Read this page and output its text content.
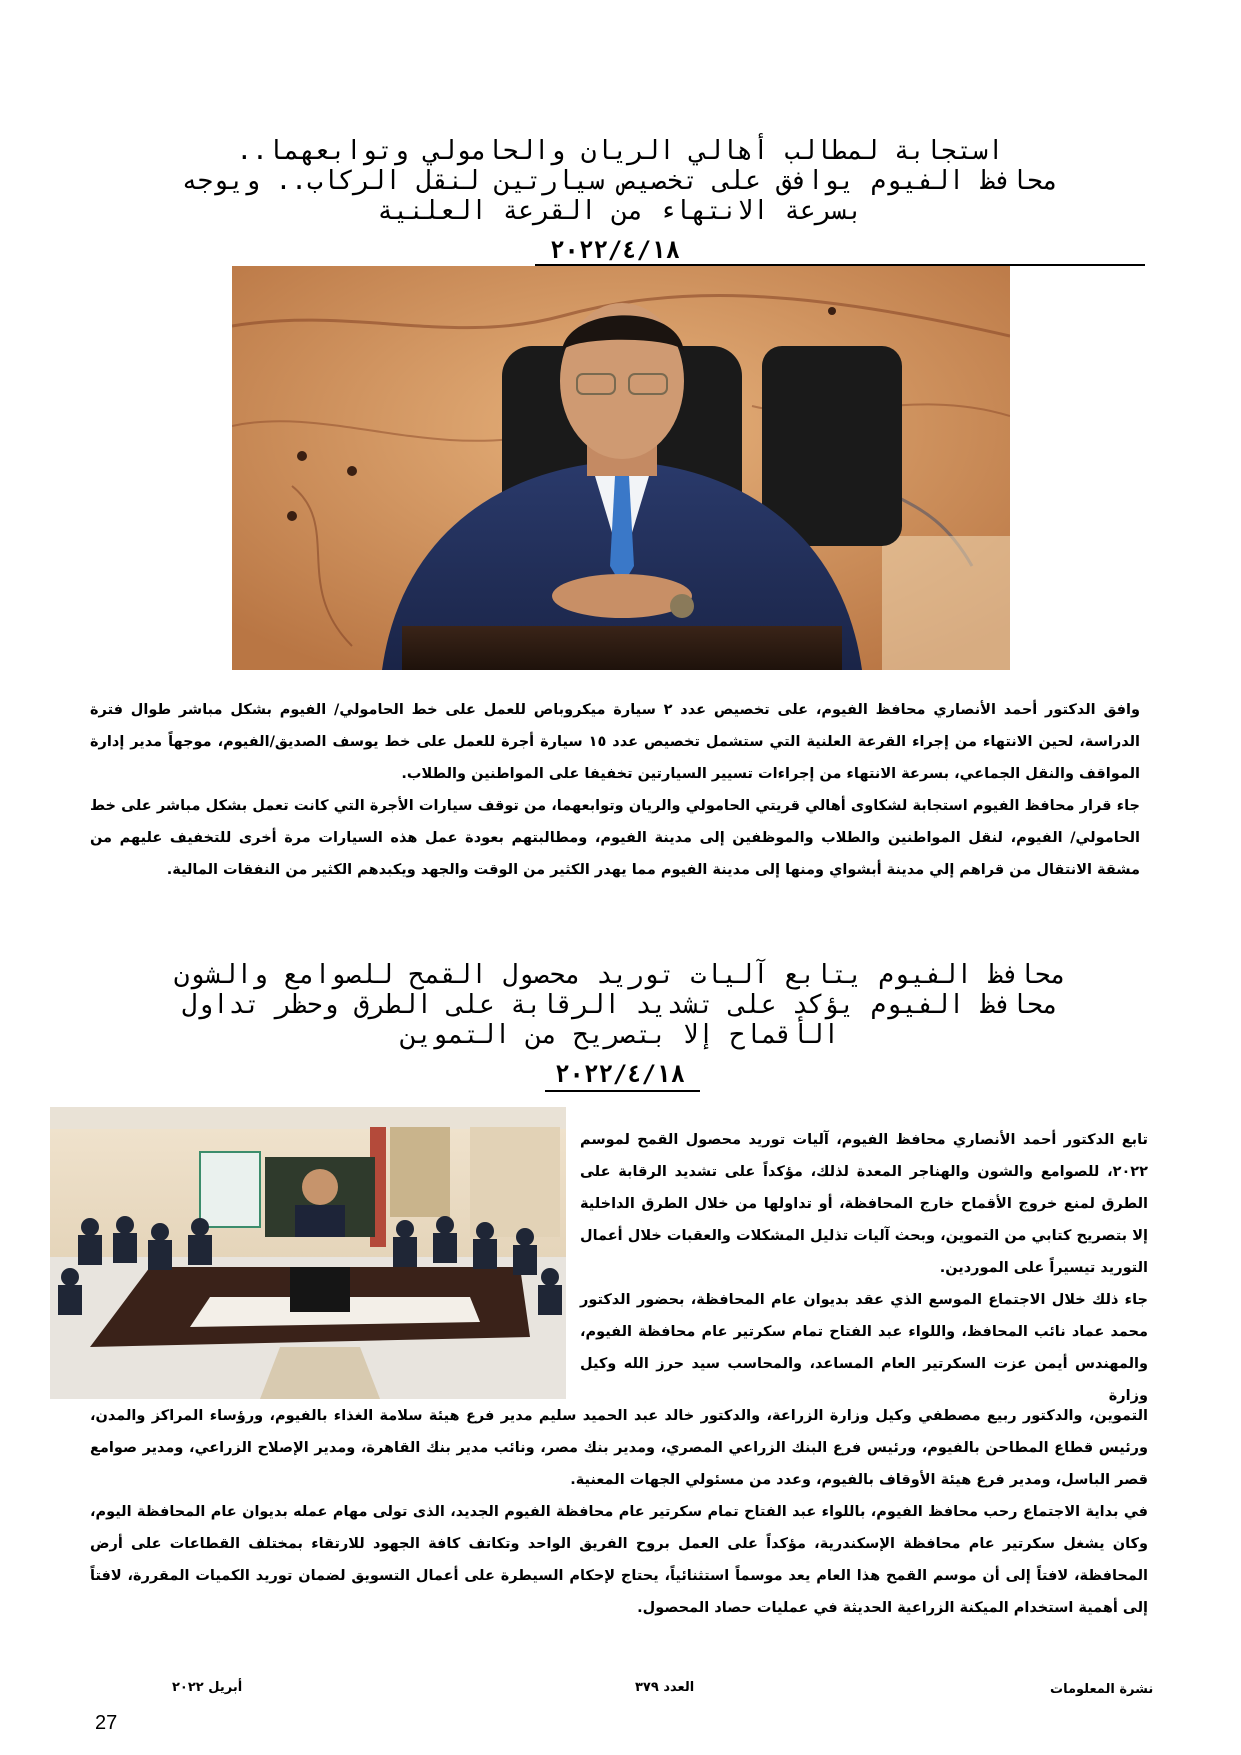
استجابة لمطالب أهالي الريان والحامولي وتوابعهما..
محافظ الفيوم يوافق على تخصيص سيارتين لنقل الركاب.. ويوجه
بسرعة الانتهاء من القرعة العلنية
٢٠٢٢/٤/١٨

وافق الدكتور أحمد الأنصاري محافظ الفيوم، على تخصيص عدد ٢ سيارة ميكروباص للعمل على خط الحامولي/ الفيوم بشكل مباشر طوال فترة الدراسة، لحين الانتهاء من إجراء القرعة العلنية التي ستشمل تخصيص عدد ١٥ سيارة أجرة للعمل على خط يوسف الصديق/الفيوم، موجهاً مدير إدارة المواقف والنقل الجماعي، بسرعة الانتهاء من إجراءات تسيير السيارتين تخفيفا على المواطنين والطلاب.

جاء قرار محافظ الفيوم استجابة لشكاوى أهالي قريتي الحامولي والريان وتوابعهما، من توقف سيارات الأجرة التي كانت تعمل بشكل مباشر على خط الحامولي/ الفيوم، لنقل المواطنين والطلاب والموظفين إلى مدينة الفيوم، ومطالبتهم بعودة عمل هذه السيارات مرة أخرى للتخفيف عليهم من مشقة الانتقال من قراهم إلي مدينة أبشواي ومنها إلى مدينة الفيوم مما يهدر الكثير من الوقت والجهد ويكبدهم الكثير من النفقات المالية.

محافظ الفيوم يتابع آليات توريد محصول القمح للصوامع والشون
محافظ الفيوم يؤكد على تشديد الرقابة على الطرق وحظر تداول
الأقماح إلا بتصريح من التموين
٢٠٢٢/٤/١٨

تابع الدكتور أحمد الأنصاري محافظ الفيوم، آليات توريد محصول القمح لموسم ٢٠٢٢، للصوامع والشون والهناجر المعدة لذلك، مؤكداً على تشديد الرقابة على الطرق لمنع خروج الأقماح خارج المحافظة، أو تداولها من خلال الطرق الداخلية إلا بتصريح كتابي من التموين، وبحث آليات تذليل المشكلات والعقبات خلال أعمال التوريد تيسيراً على الموردين.

جاء ذلك خلال الاجتماع الموسع الذي عقد بديوان عام المحافظة، بحضور الدكتور محمد عماد نائب المحافظ، واللواء عبد الفتاح تمام سكرتير عام محافظة الفيوم، والمهندس أيمن عزت السكرتير العام المساعد، والمحاسب سيد حرز الله وكيل وزارة

التموين، والدكتور ربيع مصطفي وكيل وزارة الزراعة، والدكتور خالد عبد الحميد سليم مدير فرع هيئة سلامة الغذاء بالفيوم، ورؤساء المراكز والمدن، ورئيس قطاع المطاحن بالفيوم، ورئيس فرع البنك الزراعي المصري، ومدير بنك مصر، ونائب مدير بنك القاهرة، ومدير الإصلاح الزراعي، ومدير صوامع قصر الباسل، ومدير فرع هيئة الأوقاف بالفيوم، وعدد من مسئولي الجهات المعنية.

في بداية الاجتماع رحب محافظ الفيوم، باللواء عبد الفتاح تمام سكرتير عام محافظة الفيوم الجديد، الذى تولى مهام عمله بديوان عام المحافظة اليوم، وكان يشغل سكرتير عام محافظة الإسكندرية، مؤكداً على العمل بروح الفريق الواحد وتكاتف كافة الجهود للارتقاء بمختلف القطاعات على أرض المحافظة، لافتاً إلى أن موسم القمح هذا العام يعد موسماً استثنائياً، يحتاج لإحكام السيطرة على أعمال التسويق لضمان توريد الكميات المقررة، لافتاً إلى أهمية استخدام الميكنة الزراعية الحديثة في عمليات حصاد المحصول.

نشرة المعلومات
العدد ٣٧٩
أبريل ٢٠٢٢
27
